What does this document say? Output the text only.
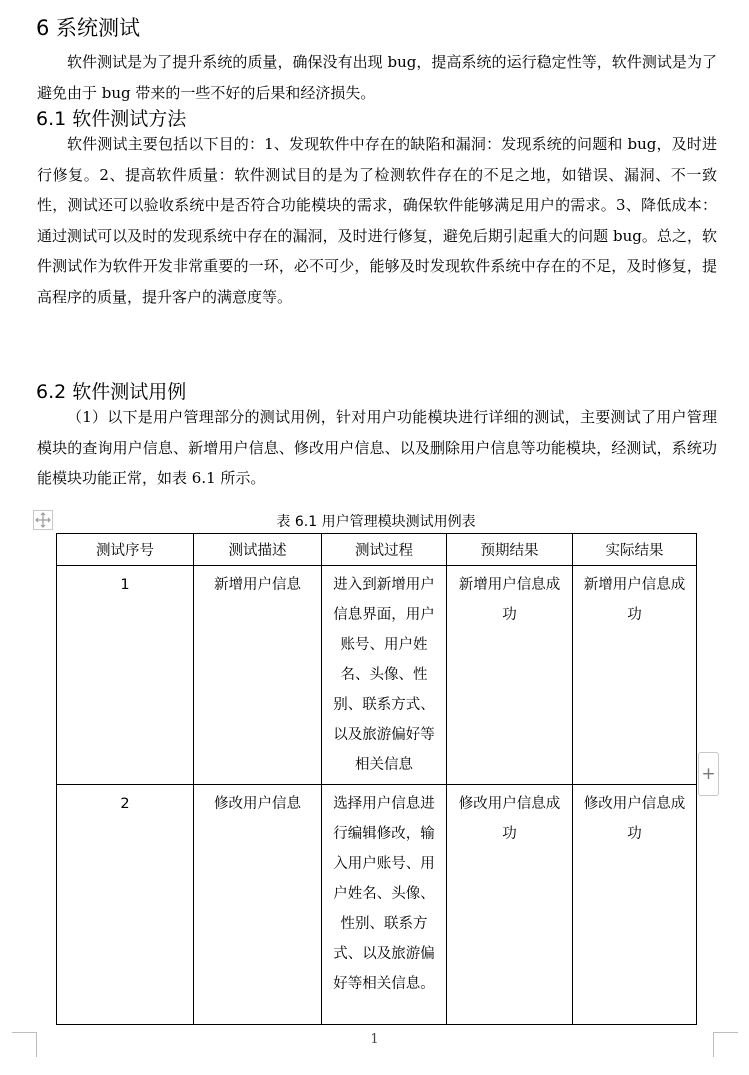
6 系统测试

软件测试是为了提升系统的质量，确保没有出现 bug，提高系统的运行稳定性等，软件测试是为了避免由于 bug 带来的一些不好的后果和经济损失。

6.1 软件测试方法

软件测试主要包括以下目的：1、发现软件中存在的缺陷和漏洞：发现系统的问题和 bug，及时进行修复。2、提高软件质量：软件测试目的是为了检测软件存在的不足之地，如错误、漏洞、不一致性，测试还可以验收系统中是否符合功能模块的需求，确保软件能够满足用户的需求。3、降低成本：通过测试可以及时的发现系统中存在的漏洞，及时进行修复，避免后期引起重大的问题 bug。总之，软件测试作为软件开发非常重要的一环，必不可少，能够及时发现软件系统中存在的不足，及时修复，提高程序的质量，提升客户的满意度等。

6.2 软件测试用例

（1）以下是用户管理部分的测试用例，针对用户功能模块进行详细的测试，主要测试了用户管理模块的查询用户信息、新增用户信息、修改用户信息、以及删除用户信息等功能模块，经测试，系统功能模块功能正常，如表 6.1 所示。

表 6.1 用户管理模块测试用例表
测试序号	测试描述	测试过程	预期结果	实际结果
1	新增用户信息	进入到新增用户信息界面，用户账号、用户姓名、头像、性别、联系方式、以及旅游偏好等相关信息	新增用户信息成功	新增用户信息成功
2	修改用户信息	选择用户信息进行编辑修改，输入用户账号、用户姓名、头像、性别、联系方式、以及旅游偏好等相关信息。	修改用户信息成功	修改用户信息成功
+
1
